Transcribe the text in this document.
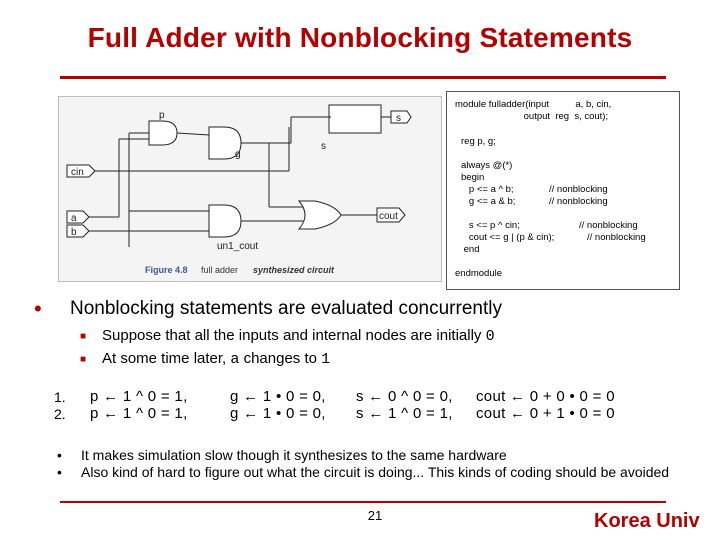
Full Adder with Nonblocking Statements
p
g
s
s
cin
a
b
cout
un1_cout
Figure 4.8 full adder synthesized circuit

module fulladder(input          a, b, cin,

output  reg  s, cout);

reg p, g;

always @(*)

begin

p <= a ^ b;

g <= a & b;

// nonblocking

// nonblocking

s <= p ^ cin;

cout <= g | (p & cin);

// nonblocking

// nonblocking

end

endmodule

• Nonblocking statements are evaluated concurrently
■ Suppose that all the inputs and internal nodes are initially 0
■ At some time later, a changes to 1
1. p ← 1 ^ 0 = 1,	g ← 1 • 0 = 0, s ← 0 ^ 0 = 0, cout ← 0 + 0 • 0 = 0
2. p ← 1 ^ 0 = 1,	g ← 1 • 0 = 0, s ← 1 ^ 0 = 1, cout ← 0 + 1 • 0 = 0
• It makes simulation slow though it synthesizes to the same hardware
• Also kind of hard to figure out what the circuit is doing... This kinds of coding should be avoided
21	Korea Univ
